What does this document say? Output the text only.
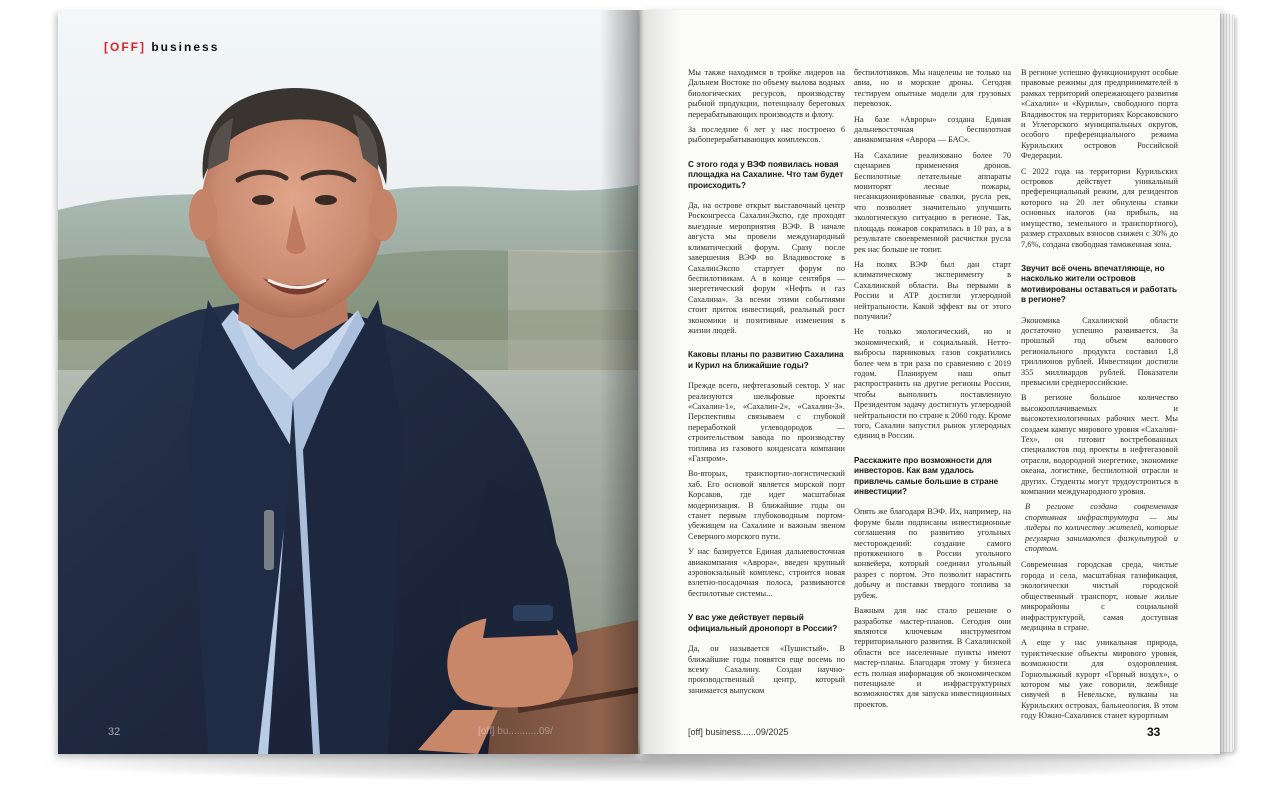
[OFF] business
32	[off] bu...........09/

Мы также находимся в тройке лидеров на Дальнем Востоке по объему вылова водных биологических ресурсов, производству рыбной продукции, потенциалу береговых перерабатывающих производств и флоту.

За последние 6 лет у нас построено 6 рыбоперерабатывающих комплексов.

С этого года у ВЭФ появилась новая площадка на Сахалине. Что там будет происходить?

Да, на острове открыт выставочный центр Росконгресса СахалинЭкспо, где проходят выездные мероприятия ВЭФ. В начале августа мы провели международный климатический форум. Сразу после завершения ВЭФ во Владивостоке в СахалинЭкспо стартует форум по беспилотникам. А в конце сентября — энергетический форум «Нефть и газ Сахалина». За всеми этими событиями стоит приток инвестиций, реальный рост экономики и позитивные изменения в жизни людей.

Каковы планы по развитию Сахалина и Курил на ближайшие годы?

Прежде всего, нефтегазовый сектор. У нас реализуются шельфовые проекты «Сахалин-1», «Сахалин-2», «Сахалин-3». Перспективы связываем с глубокой переработкой углеводородов — строительством завода по производству топлива из газового конденсата компании «Газпром».

Во-вторых, транспортно-логистический хаб. Его основой является морской порт Корсаков, где идет масштабная модернизация. В ближайшие годы он станет первым глубоководным портом-убежищем на Сахалине и важным звеном Северного морского пути.

У нас базируется Единая дальневосточная авиакомпания «Аврора», введен крупный аэровокзальный комплекс, строится новая взлетно-посадочная полоса, развиваются беспилотные системы...

У вас уже действует первый официальный дронопорт в России?

Да, он называется «Пушистый». В ближайшие годы появятся еще восемь по всему Сахалину. Создан научно-производственный центр, который занимается выпуском

беспилотников. Мы нацелены не только на авиа, но и морские дроны. Сегодня тестируем опытные модели для грузовых перевозок.

На базе «Авроры» создана Единая дальневосточная беспилотная авиакомпания «Аврора — БАС».

На Сахалине реализовано более 70 сценариев применения дронов. Беспилотные летательные аппараты мониторят лесные пожары, несанкционированные свалки, русла рек, что позволяет значительно улучшить экологическую ситуацию в регионе. Так, площадь пожаров сократилась в 10 раз, а в результате своевременной расчистки русла рек нас больше не топит.

На полях ВЭФ был дан старт климатическому эксперименту в Сахалинской области. Вы первыми в России и АТР достигли углеродной нейтральности. Какой эффект вы от этого получили?

Не только экологический, но и экономический, и социальный. Нетто-выбросы парниковых газов сократились более чем в три раза по сравнению с 2019 годом. Планируем наш опыт распространить на другие регионы России, чтобы выполнить поставленную Президентом задачу достигнуть углеродной нейтральности по стране к 2060 году. Кроме того, Сахалин запустил рынок углеродных единиц в России.

Расскажите про возможности для инвесторов. Как вам удалось привлечь самые большие в стране инвестиции?

Опять же благодаря ВЭФ. Их, например, на форуме были подписаны инвестиционные соглашения по развитию угольных месторождений: создание самого протяженного в России угольного конвейера, который соединил угольный разрез с портом. Это позволит нарастить добычу и поставки твердого топлива за рубеж.

Важным для нас стало решение о разработке мастер-планов. Сегодня они являются ключевым инструментом территориального развития. В Сахалинской области все населенные пункты имеют мастер-планы. Благодаря этому у бизнеса есть полная информация об экономическом потенциале и инфраструктурных возможностях для запуска инвестиционных проектов.

В регионе успешно функционируют особые правовые режимы для предпринимателей в рамках территорий опережающего развития «Сахалин» и «Курилы», свободного порта Владивосток на территориях Корсаковского и Углегорского муниципальных округов, особого преференциального режима Курильских островов Российской Федерации.

С 2022 года на территории Курильских островов действует уникальный преференциальный режим, для резидентов которого на 20 лет обнулены ставки основных налогов (на прибыль, на имущество, земельного и транспортного), размер страховых взносов снижен с 30% до 7,6%, создана свободная таможенная зона.

Звучит всё очень впечатляюще, но насколько жители островов мотивированы оставаться и работать в регионе?

Экономика Сахалинской области достаточно успешно развивается. За прошлый год объем валового регионального продукта составил 1,8 триллионов рублей. Инвестиции достигли 355 миллиардов рублей. Показатели превысили среднероссийские.

В регионе большое количество высокооплачиваемых и высокотехнологичных рабочих мест. Мы создаем кампус мирового уровня «Сахалин-Тех», он готовит востребованных специалистов под проекты в нефтегазовой отрасли, водородной энергетике, экономике океана, логистике, беспилотной отрасли и других. Студенты могут трудоустроиться в компании международного уровня.

В регионе создана современная спортивная инфраструктура — мы лидеры по количеству жителей, которые регулярно занимаются физкультурой и спортом.

Современная городская среда, чистые города и села, масштабная газификация, экологически чистый городской общественный транспорт, новые жилые микрорайоны с социальной инфраструктурой, самая доступная медицина в стране.

А еще у нас уникальная природа, туристические объекты мирового уровня, возможности для оздоровления. Горнолыжный курорт «Горный воздух», о котором мы уже говорили, лежбище сивучей в Невельске, вулканы на Курильских островах, бальнеология. В этом году Южно-Сахалинск станет курортным

[off] business......09/2025	33
